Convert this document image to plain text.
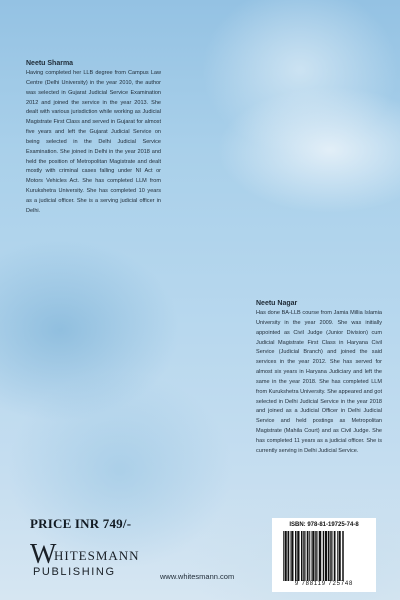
Neetu Sharma

Having completed her LLB degree from Campus Law Centre (Delhi University) in the year 2010, the author was selected in Gujarat Judicial Service Examination 2012 and joined the service in the year 2013. She dealt with various jurisdiction while working as Judicial Magistrate First Class and served in Gujarat for almost five years and left the Gujarat Judicial Service on being selected in the Delhi Judicial Service Examination. She joined in Delhi in the year 2018 and held the position of Metropolitan Magistrate and dealt mostly with criminal cases falling under NI Act or Motors Vehicles Act. She has completed LLM from Kurukshetra University. She has completed 10 years as a judicial officer. She is a serving judicial officer in Delhi.

Neetu Nagar

Has done BA-LLB course from Jamia Millia Islamia University in the year 2009. She was initially appointed as Civil Judge (Junior Division) cum Judicial Magistrate First Class in Haryana Civil Service (Judicial Branch) and joined the said services in the year 2012. She has served for almost six years in Haryana Judiciary and left the same in the year 2018. She has completed LLM from Kurukshetra University. She appeared and got selected in Delhi Judicial Service in the year 2018 and joined as a Judicial Officer in Delhi Judicial Service and held postings as Metropolitan Magistrate (Mahila Court) and as Civil Judge. She has completed 11 years as a judicial officer. She is currently serving in Delhi Judicial Service.

PRICE INR 749/-
W
HITESMANN
PUBLISHING	www.whitesmann.com
ISBN: 978-81-19725-74-8
9 788119 725748
